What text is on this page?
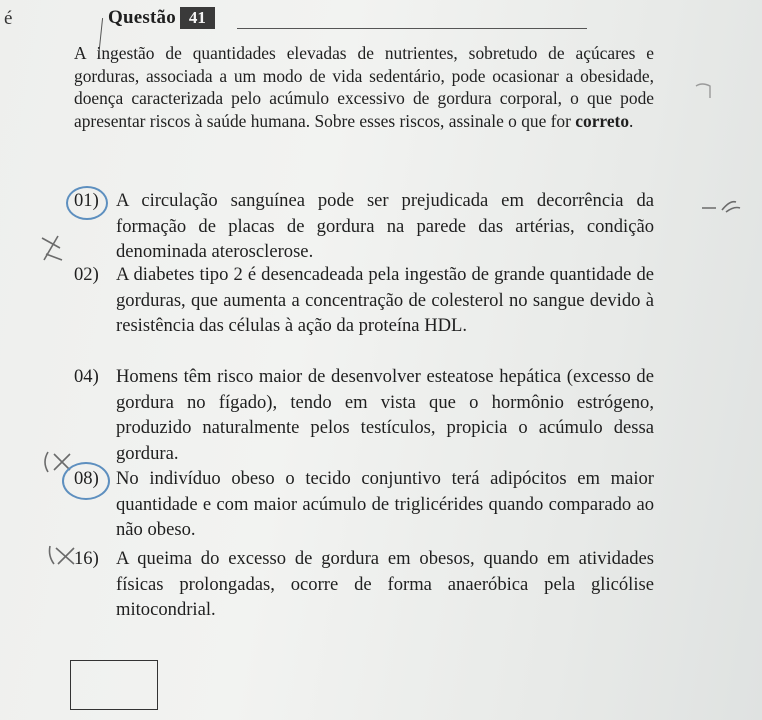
é	Questão 41
A ingestão de quantidades elevadas de nutrientes, sobretudo de açúcares e gorduras, associada a um modo de vida sedentário, pode ocasionar a obesidade, doença caracterizada pelo acúmulo excessivo de gordura corporal, o que pode apresentar riscos à saúde humana. Sobre esses riscos, assinale o que for correto.
01) A circulação sanguínea pode ser prejudicada em decorrência da formação de placas de gordura na parede das artérias, condição denominada aterosclerose.
02) A diabetes tipo 2 é desencadeada pela ingestão de grande quantidade de gorduras, que aumenta a concentração de colesterol no sangue devido à resistência das células à ação da proteína HDL.
04) Homens têm risco maior de desenvolver esteatose hepática (excesso de gordura no fígado), tendo em vista que o hormônio estrógeno, produzido naturalmente pelos testículos, propicia o acúmulo dessa gordura.
08) No indivíduo obeso o tecido conjuntivo terá adipócitos em maior quantidade e com maior acúmulo de triglicérides quando comparado ao não obeso.
16) A queima do excesso de gordura em obesos, quando em atividades físicas prolongadas, ocorre de forma anaeróbica pela glicólise mitocondrial.
